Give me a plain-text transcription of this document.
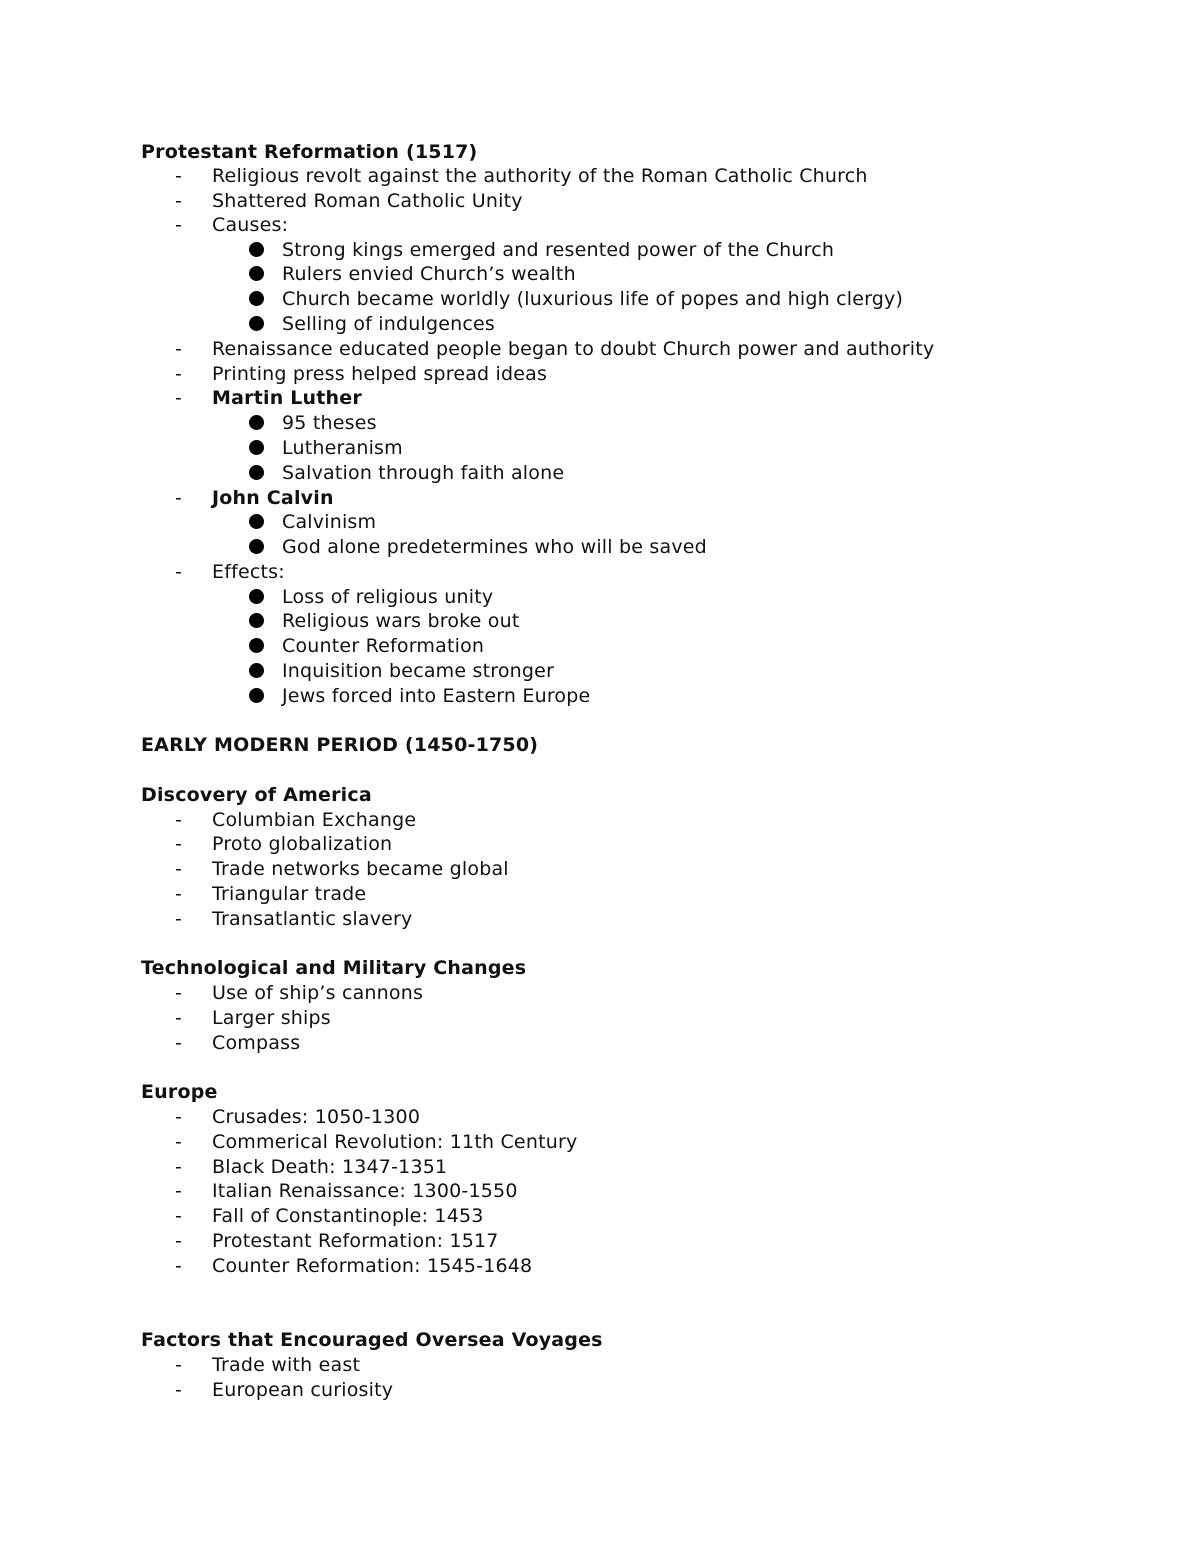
Protestant Reformation (1517)
- Religious revolt against the authority of the Roman Catholic Church
- Shattered Roman Catholic Unity
- Causes:
Strong kings emerged and resented power of the Church
Rulers envied Church’s wealth
Church became worldly (luxurious life of popes and high clergy)
Selling of indulgences
- Renaissance educated people began to doubt Church power and authority
- Printing press helped spread ideas
- Martin Luther
95 theses
Lutheranism
Salvation through faith alone
- John Calvin
Calvinism
God alone predetermines who will be saved
- Effects:
Loss of religious unity
Religious wars broke out
Counter Reformation
Inquisition became stronger
Jews forced into Eastern Europe
EARLY MODERN PERIOD (1450-1750)
Discovery of America
- Columbian Exchange
- Proto globalization
- Trade networks became global
- Triangular trade
- Transatlantic slavery
Technological and Military Changes
- Use of ship’s cannons
- Larger ships
- Compass
Europe
- Crusades: 1050-1300
- Commerical Revolution: 11th Century
- Black Death: 1347-1351
- Italian Renaissance: 1300-1550
- Fall of Constantinople: 1453
- Protestant Reformation: 1517
- Counter Reformation: 1545-1648
Factors that Encouraged Oversea Voyages
- Trade with east
- European curiosity
